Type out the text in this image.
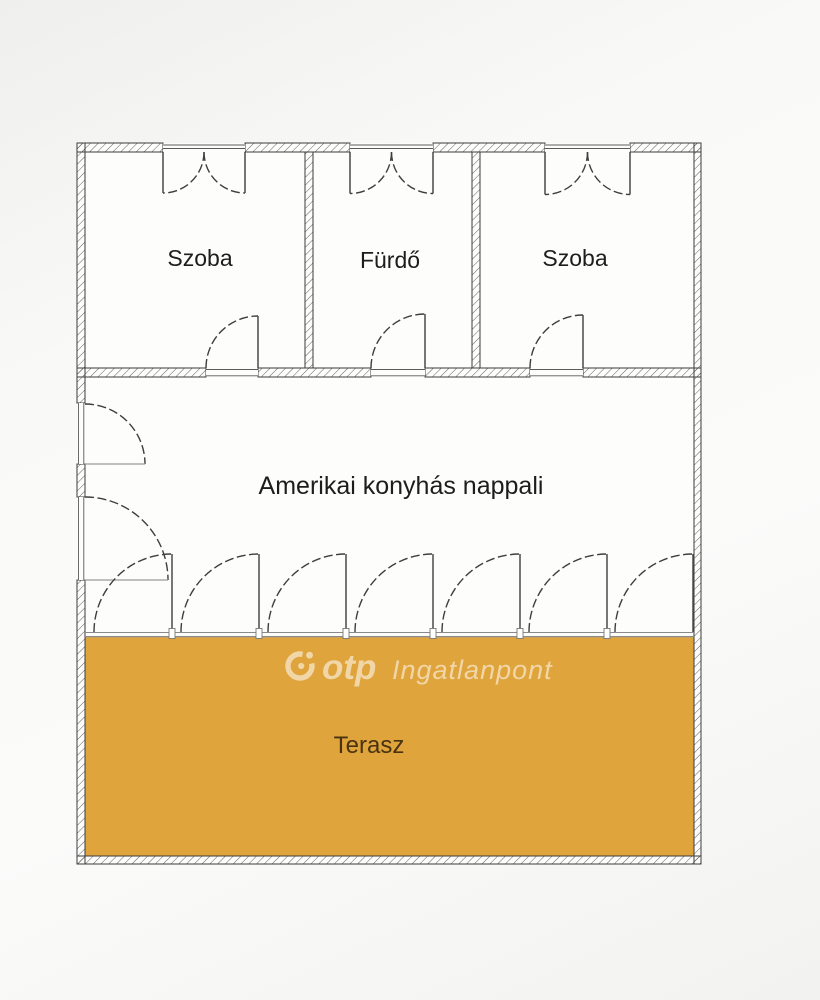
otp Ingatlanpont
Szoba	Fürdő	Szoba
Amerikai konyhás nappali
Terasz
